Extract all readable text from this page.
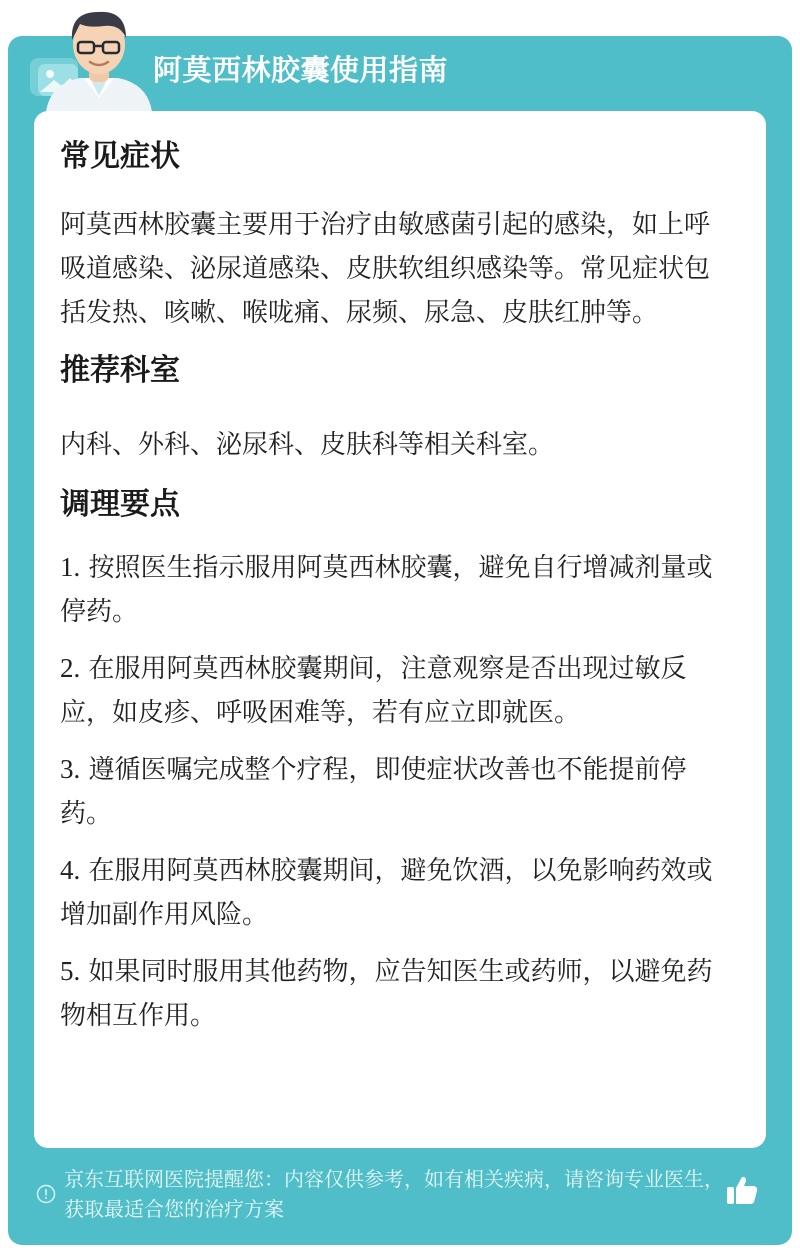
阿莫西林胶囊使用指南
常见症状

阿莫西林胶囊主要用于治疗由敏感菌引起的感染，如上呼吸道感染、泌尿道感染、皮肤软组织感染等。常见症状包括发热、咳嗽、喉咙痛、尿频、尿急、皮肤红肿等。

推荐科室

内科、外科、泌尿科、皮肤科等相关科室。

调理要点

1. 按照医生指示服用阿莫西林胶囊，避免自行增减剂量或停药。

2. 在服用阿莫西林胶囊期间，注意观察是否出现过敏反应，如皮疹、呼吸困难等，若有应立即就医。

3. 遵循医嘱完成整个疗程，即使症状改善也不能提前停药。

4. 在服用阿莫西林胶囊期间，避免饮酒，以免影响药效或增加副作用风险。

5. 如果同时服用其他药物，应告知医生或药师，以避免药物相互作用。

京东互联网医院提醒您：内容仅供参考，如有相关疾病，请咨询专业医生，获取最适合您的治疗方案
